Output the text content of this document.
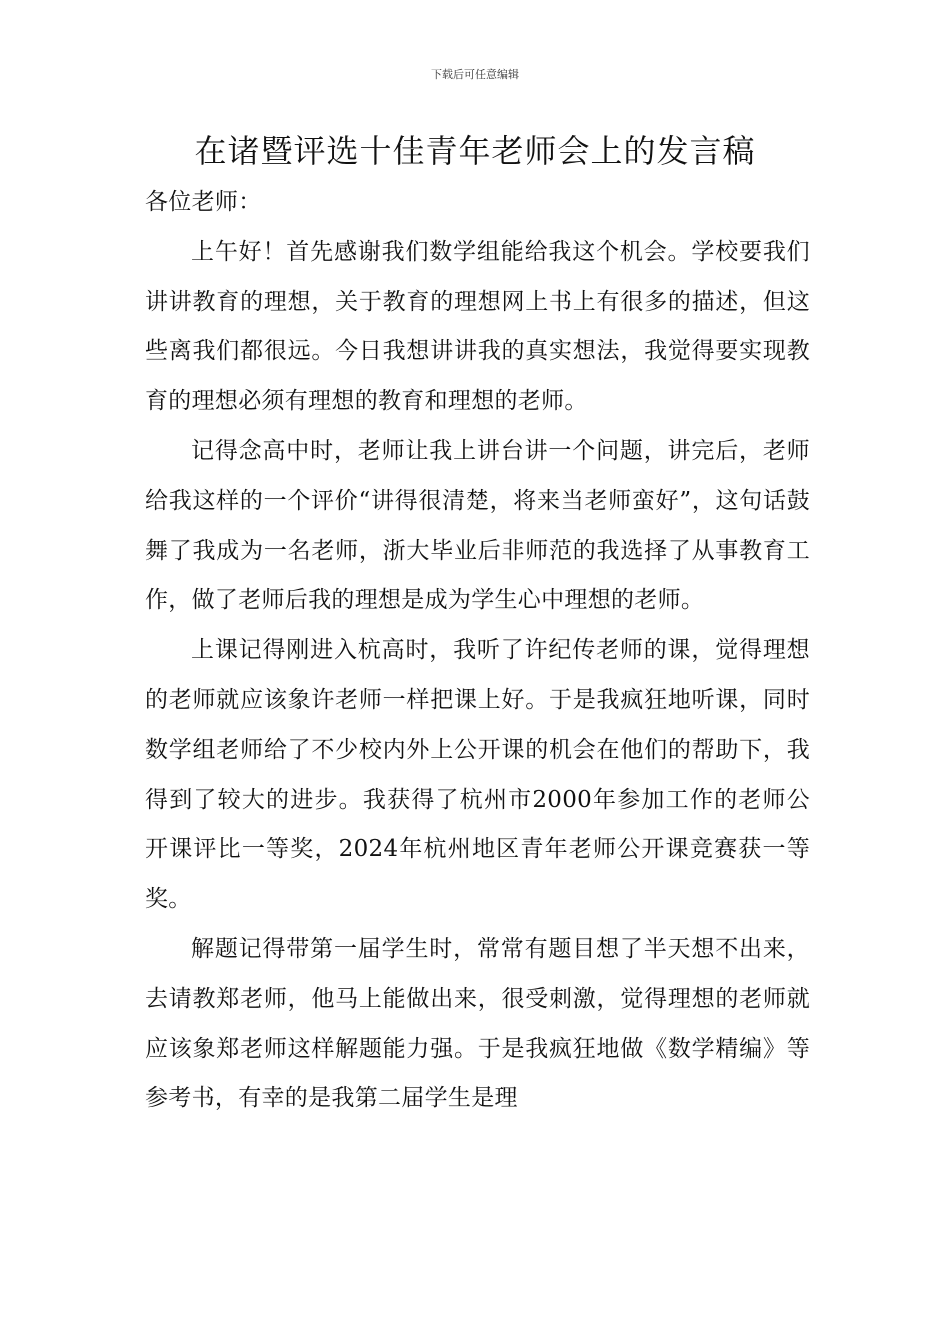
下载后可任意编辑
在诸暨评选十佳青年老师会上的发言稿

各位老师：

上午好！首先感谢我们数学组能给我这个机会。学校要我们讲讲教育的理想，关于教育的理想网上书上有很多的描述，但这些离我们都很远。今日我想讲讲我的真实想法，我觉得要实现教育的理想必须有理想的教育和理想的老师。

记得念高中时，老师让我上讲台讲一个问题，讲完后，老师给我这样的一个评价“讲得很清楚，将来当老师蛮好”，这句话鼓舞了我成为一名老师，浙大毕业后非师范的我选择了从事教育工作，做了老师后我的理想是成为学生心中理想的老师。

上课记得刚进入杭高时，我听了许纪传老师的课，觉得理想的老师就应该象许老师一样把课上好。于是我疯狂地听课，同时数学组老师给了不少校内外上公开课的机会在他们的帮助下，我得到了较大的进步。我获得了杭州市2000年参加工作的老师公开课评比一等奖，2024年杭州地区青年老师公开课竞赛获一等奖。

解题记得带第一届学生时，常常有题目想了半天想不出来，去请教郑老师，他马上能做出来，很受刺激，觉得理想的老师就应该象郑老师这样解题能力强。于是我疯狂地做《数学精编》等参考书，有幸的是我第二届学生是理
